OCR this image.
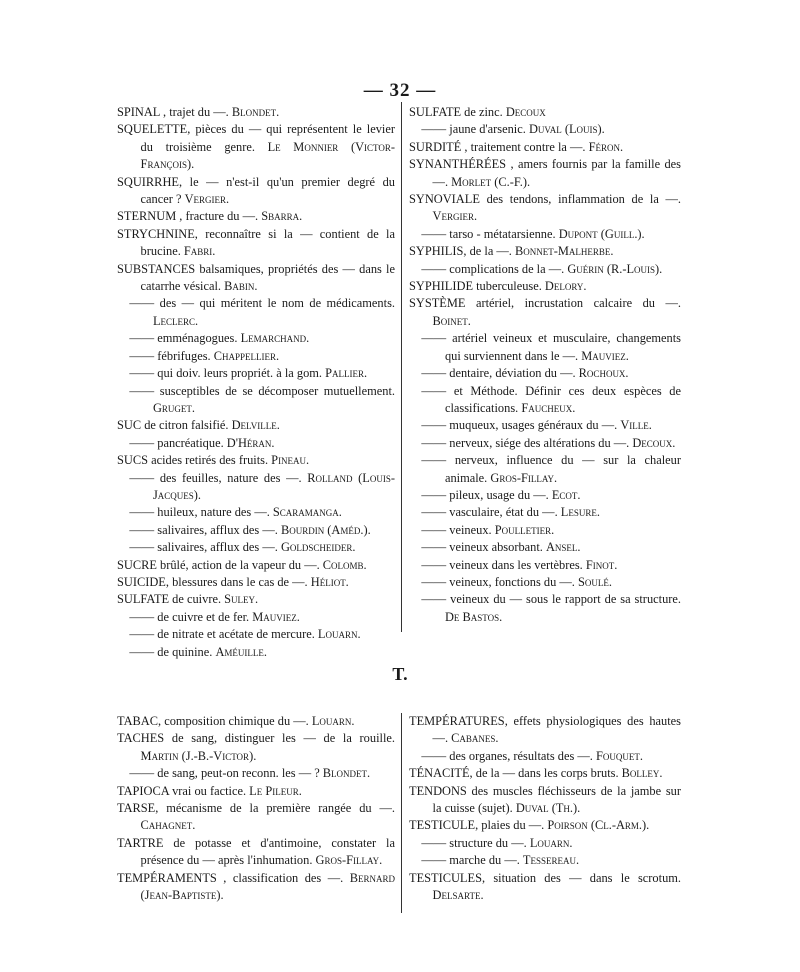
— 32 —

SPINAL , trajet du —. Blondet.

SQUELETTE, pièces du — qui représentent le levier du troisième genre. Le Monnier (Victor-François).

SQUIRRHE, le — n'est-il qu'un premier degré du cancer ? Vergier.

STERNUM , fracture du —. Sbarra.

STRYCHNINE, reconnaître si la — contient de la brucine. Fabri.

SUBSTANCES balsamiques, propriétés des — dans le catarrhe vésical. Babin.

—— des — qui méritent le nom de médicaments. Leclerc.

—— emménagogues. Lemarchand.

—— fébrifuges. Chappellier.

—— qui doiv. leurs propriét. à la gom. Pallier.

—— susceptibles de se décomposer mutuellement. Gruget.

SUC de citron falsifié. Delville.

—— pancréatique. D'Héran.

SUCS acides retirés des fruits. Pineau.

—— des feuilles, nature des —. Rolland (Louis-Jacques).

—— huileux, nature des —. Scaramanga.

—— salivaires, afflux des —. Bourdin (Améd.).

—— salivaires, afflux des —. Goldscheider.

SUCRE brûlé, action de la vapeur du —. Colomb.

SUICIDE, blessures dans le cas de —. Héliot.

SULFATE de cuivre. Suley.

—— de cuivre et de fer. Mauviez.

—— de nitrate et acétate de mercure. Louarn.

—— de quinine. Améuille.

SULFATE de zinc. Decoux

—— jaune d'arsenic. Duval (Louis).

SURDITÉ , traitement contre la —. Féron.

SYNANTHÉRÉES , amers fournis par la famille des —. Morlet (C.-F.).

SYNOVIALE des tendons, inflammation de la —. Vergier.

—— tarso - métatarsienne. Dupont (Guill.).

SYPHILIS, de la —. Bonnet-Malherbe.

—— complications de la —. Guérin (R.-Louis).

SYPHILIDE tuberculeuse. Delory.

SYSTÈME artériel, incrustation calcaire du —. Boinet.

—— artériel veineux et musculaire, changements qui surviennent dans le —. Mauviez.

—— dentaire, déviation du —. Rochoux.

—— et Méthode. Définir ces deux espèces de classifications. Faucheux.

—— muqueux, usages généraux du —. Ville.

—— nerveux, siége des altérations du —. Decoux.

—— nerveux, influence du — sur la chaleur animale. Gros-Fillay.

—— pileux, usage du —. Ecot.

—— vasculaire, état du —. Lesure.

—— veineux. Poulletier.

—— veineux absorbant. Ansel.

—— veineux dans les vertèbres. Finot.

—— veineux, fonctions du —. Soulé.

—— veineux du — sous le rapport de sa structure. De Bastos.

T.

TABAC, composition chimique du —. Louarn.

TACHES de sang, distinguer les — de la rouille. Martin (J.-B.-Victor).

—— de sang, peut-on reconn. les — ? Blondet.

TAPIOCA vrai ou factice. Le Pileur.

TARSE, mécanisme de la première rangée du —. Cahagnet.

TARTRE de potasse et d'antimoine, constater la présence du — après l'inhumation. Gros-Fillay.

TEMPÉRAMENTS , classification des —. Bernard (Jean-Baptiste).

TEMPÉRATURES, effets physiologiques des hautes —. Cabanes.

—— des organes, résultats des —. Fouquet.

TÉNACITÉ, de la — dans les corps bruts. Bolley.

TENDONS des muscles fléchisseurs de la jambe sur la cuisse (sujet). Duval (Th.).

TESTICULE, plaies du —. Poirson (Cl.-Arm.).

—— structure du —. Louarn.

—— marche du —. Tessereau.

TESTICULES, situation des — dans le scrotum. Delsarte.
